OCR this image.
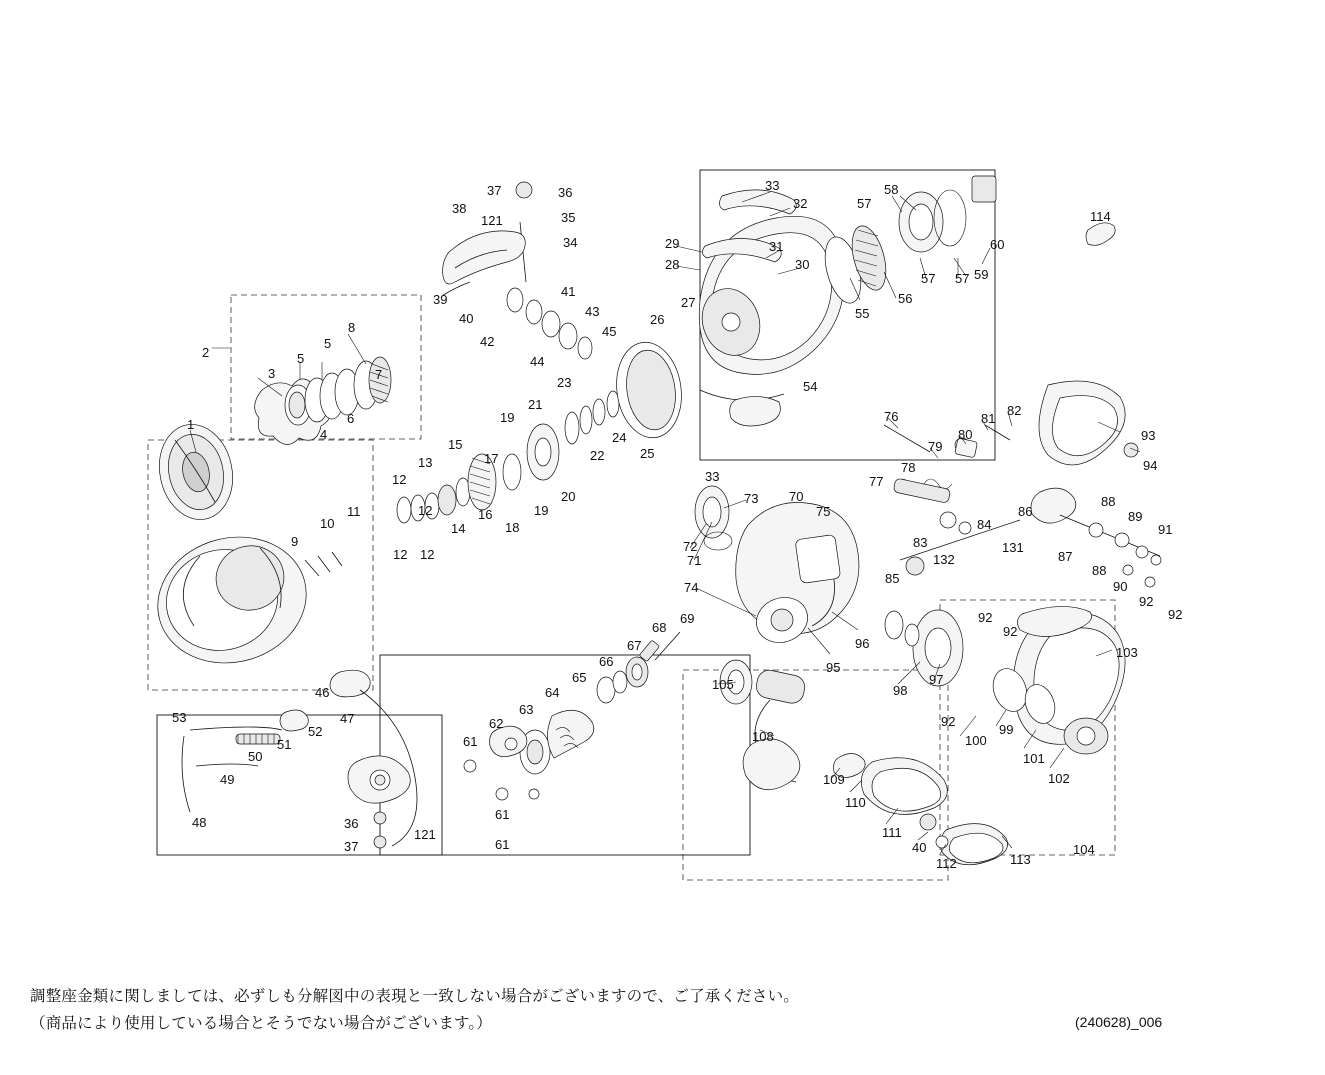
37	36	33
38
121	35
32
58
57
114
34	29	31	60
28	30
59
57 57
39
41
27	56
40	43
26	55
2
8
42
45
5
5
44
3	7
54
4
6
23
76	82
93
1	19
21
25
81
79
80
94
15	24
33
13	22
77
78
12
17
11	16
20
19
18
14
73 70
75	86
88
89
10
9
12
91
84
83
132
131
87
88
72
12 12
85
90
92
92
71
74
92
92
69
68
103
96
67
95
66
98
97
65
64
105
46
47
63
108
92
100
99
53	62
52
51	61
50	101
49	109	102
48
110
36
121
61
61
111
40
37
112	113
104
調整座金類に関しましては、必ずしも分解図中の表現と一致しない場合がございますので、ご了承ください。
（商品により使用している場合とそうでない場合がございます。）	(240628)_006
